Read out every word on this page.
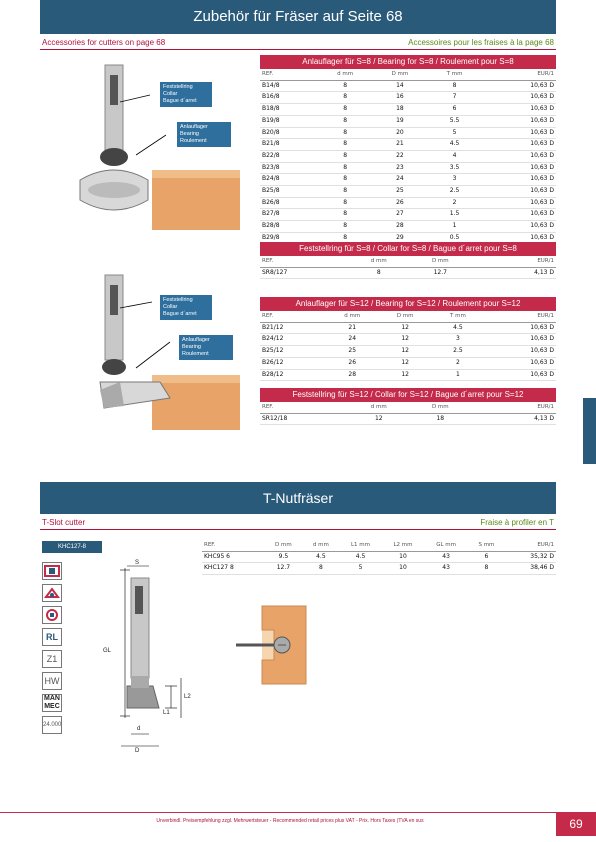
Zubehör für Fräser auf Seite 68
Accessories for cutters on page 68	Accessoires pour les fraises à la page 68
Feststellring
Collar
Bague d´arret
Anlauflager
Bearing
Roulement
Anlauflager für S=8 / Bearing for S=8 / Roulement pour S=8
REF.	d mm	D mm	T mm	EUR/1
B14/8	8	14	8	10,63 D
B16/8	8	16	7	10,63 D
B18/8	8	18	6	10,63 D
B19/8	8	19	5.5	10,63 D
B20/8	8	20	5	10,63 D
B21/8	8	21	4.5	10,63 D
B22/8	8	22	4	10,63 D
B23/8	8	23	3.5	10,63 D
B24/8	8	24	3	10,63 D
B25/8	8	25	2.5	10,63 D
B26/8	8	26	2	10,63 D
B27/8	8	27	1.5	10,63 D
B28/8	8	28	1	10,63 D
B29/8	8	29	0.5	10,63 D
Feststellring für S=8 / Collar for S=8 / Bague d´arret pour S=8
REF.	d mm	D mm		EUR/1
SR8/127	8	12.7		4,13 D
Feststellring
Collar
Bague d´arret
Anlauflager
Bearing
Roulement
Anlauflager für S=12 / Bearing for S=12 / Roulement pour S=12
REF.	d mm	D mm	T mm	EUR/1
B21/12	21	12	4.5	10,63 D
B24/12	24	12	3	10,63 D
B25/12	25	12	2.5	10,63 D
B26/12	26	12	2	10,63 D
B28/12	28	12	1	10,63 D
Feststellring für S=12 / Collar for S=12 / Bague d´arret pour S=12
REF.	d mm	D mm		EUR/1
SR12/18	12	18		4,13 D
T-Nutfräser
T-Slot cutter	Fraise à profiler en T
KHC127-8
RL
Z1
HW
MAN MEC
24.000
S
GL
L1
L2
d
D
REF.	D mm	d mm	L1 mm	L2 mm	GL mm	S mm	EUR/1
KHC95 6	9.5	4.5	4.5	10	43	6	35,32 D
KHC127 8	12.7	8	5	10	43	8	38,46 D
Unverbindl. Preisempfehlung zzgl. Mehrwertsteuer - Recommended retail prices plus VAT - Prix. Hors Taxes (TVA en sus	69
